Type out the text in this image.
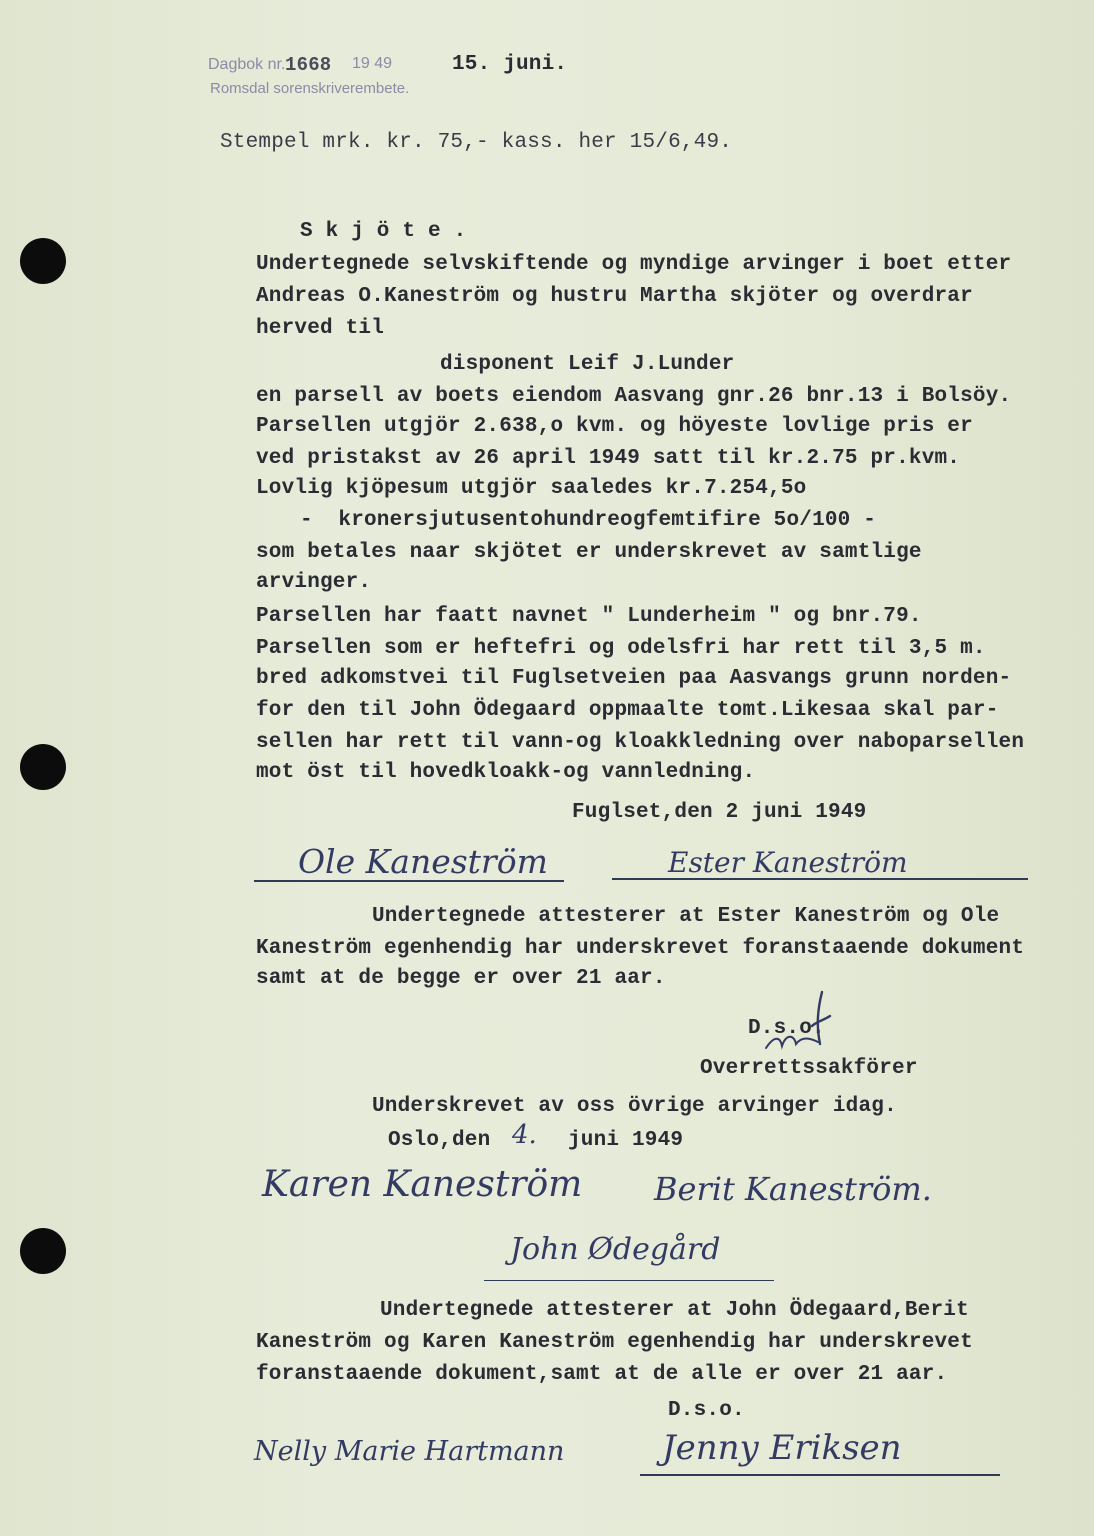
Dagbok nr. 1668 19 49	15. juni.
Romsdal sorenskriverembete.
Stempel mrk. kr. 75,- kass. her 15/6,49.
S k j ö t e .
Undertegnede selvskiftende og myndige arvinger i boet etter
Andreas O.Kaneström og hustru Martha skjöter og overdrar
herved til
disponent Leif J.Lunder
en parsell av boets eiendom Aasvang gnr.26 bnr.13 i Bolsöy.
Parsellen utgjör 2.638,o kvm. og höyeste lovlige pris er
ved pristakst av 26 april 1949 satt til kr.2.75 pr.kvm.
Lovlig kjöpesum utgjör saaledes kr.7.254,5o
-  kronersjutusentohundreogfemtifire 5o/100 -
som betales naar skjötet er underskrevet av samtlige
arvinger.
Parsellen har faatt navnet " Lunderheim " og bnr.79.
Parsellen som er heftefri og odelsfri har rett til 3,5 m.
bred adkomstvei til Fuglsetveien paa Aasvangs grunn norden-
for den til John Ödegaard oppmaalte tomt.Likesaa skal par-
sellen har rett til vann-og kloakkledning over naboparsellen
mot öst til hovedkloakk-og vannledning.
Fuglset,den 2 juni 1949
Ole Kaneström	Ester Kaneström
Undertegnede attesterer at Ester Kaneström og Ole
Kaneström egenhendig har underskrevet foranstaaende dokument
samt at de begge er over 21 aar.
D.s.o.
Overrettssakförer
Underskrevet av oss övrige arvinger idag.
Oslo,den 4. juni 1949
Karen Kaneström Berit Kaneström.
John Ødegård
Undertegnede attesterer at John Ödegaard,Berit
Kaneström og Karen Kaneström egenhendig har underskrevet
foranstaaende dokument,samt at de alle er over 21 aar.
D.s.o.
Nelly Marie Hartmann	Jenny Eriksen
